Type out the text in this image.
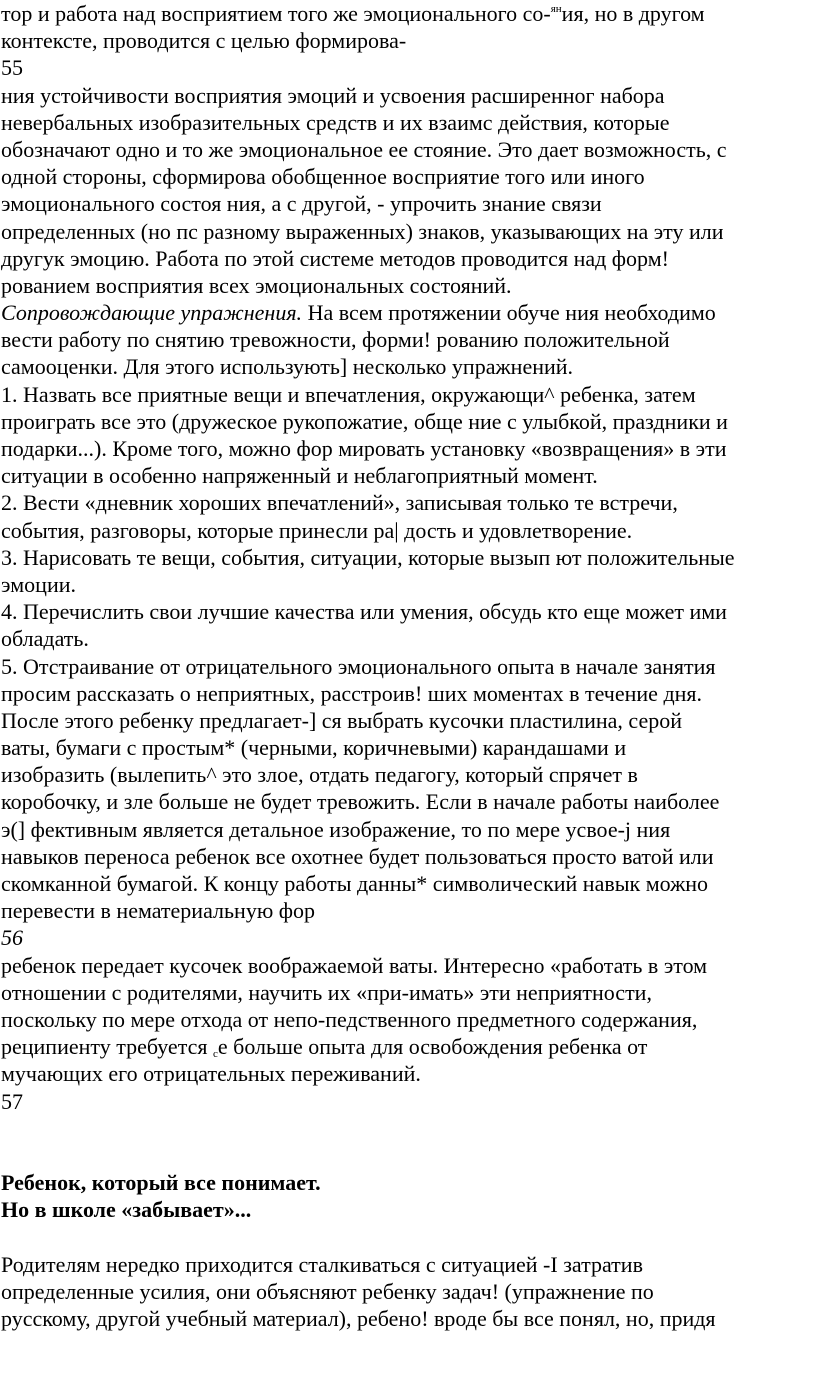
тор и работа над восприятием того же эмоционального со-$^{ян}$ия, но в другом
контексте, проводится с целью формирова-
55
ния устойчивости восприятия эмоций и усвоения расширенног набора
невербальных изобразительных средств и их взаимс действия, которые
обозначают одно и то же эмоциональное ее стояние. Это дает возможность, с
одной стороны, сформирова обобщенное восприятие того или иного
эмоционального состоя ния, а с другой, - упрочить знание связи
определенных (но пс разному выраженных) знаков, указывающих на эту или
другук эмоцию. Работа по этой системе методов проводится над форм!
рованием восприятия всех эмоциональных состояний.
Сопровождающие упражнения. На всем протяжении обуче ния необходимо
вести работу по снятию тревожности, форми! рованию положительной
самооценки. Для этого использують] несколько упражнений.
1. Назвать все приятные вещи и впечатления, окружающи^ ребенка, затем
проиграть все это (дружеское рукопожатие, обще ние с улыбкой, праздники и
подарки...). Кроме того, можно фор мировать установку «возвращения» в эти
ситуации в особенно напряженный и неблагоприятный момент.
2. Вести «дневник хороших впечатлений», записывая только те встречи,
события, разговоры, которые принесли ра| дость и удовлетворение.
3. Нарисовать те вещи, события, ситуации, которые вызып ют положительные
эмоции.
4. Перечислить свои лучшие качества или умения, обсудь кто еще может ими
обладать.
5. Отстраивание от отрицательного эмоционального опыта в начале занятия
просим рассказать о неприятных, расстроив! ших моментах в течение дня.
После этого ребенку предлагает-] ся выбрать кусочки пластилина, серой
ваты, бумаги с простым* (черными, коричневыми) карандашами и
изобразить (вылепить^ это злое, отдать педагогу, который спрячет в
коробочку, и зле больше не будет тревожить. Если в начале работы наиболее
э(] фективным является детальное изображение, то по мере усвое-j ния
навыков переноса ребенок все охотнее будет пользоваться просто ватой или
скомканной бумагой. К концу работы данны* символический навык можно
перевести в нематериальную фор
56
ребенок передает кусочек воображаемой ваты. Интересно «работать в этом
отношении с родителями, научить их «при-имать» эти неприятности,
поскольку по мере отхода от непо-педственного предметного содержания,
реципиенту требуется $_с$е больше опыта для освобождения ребенка от
мучающих его отрицательных переживаний.
57
Ребенок, который все понимает.
Но в школе «забывает»...
Родителям нередко приходится сталкиваться с ситуацией -I затратив
определенные усилия, они объясняют ребенку задач! (упражнение по
русскому, другой учебный материал), ребено! вроде бы все понял, но, придя
